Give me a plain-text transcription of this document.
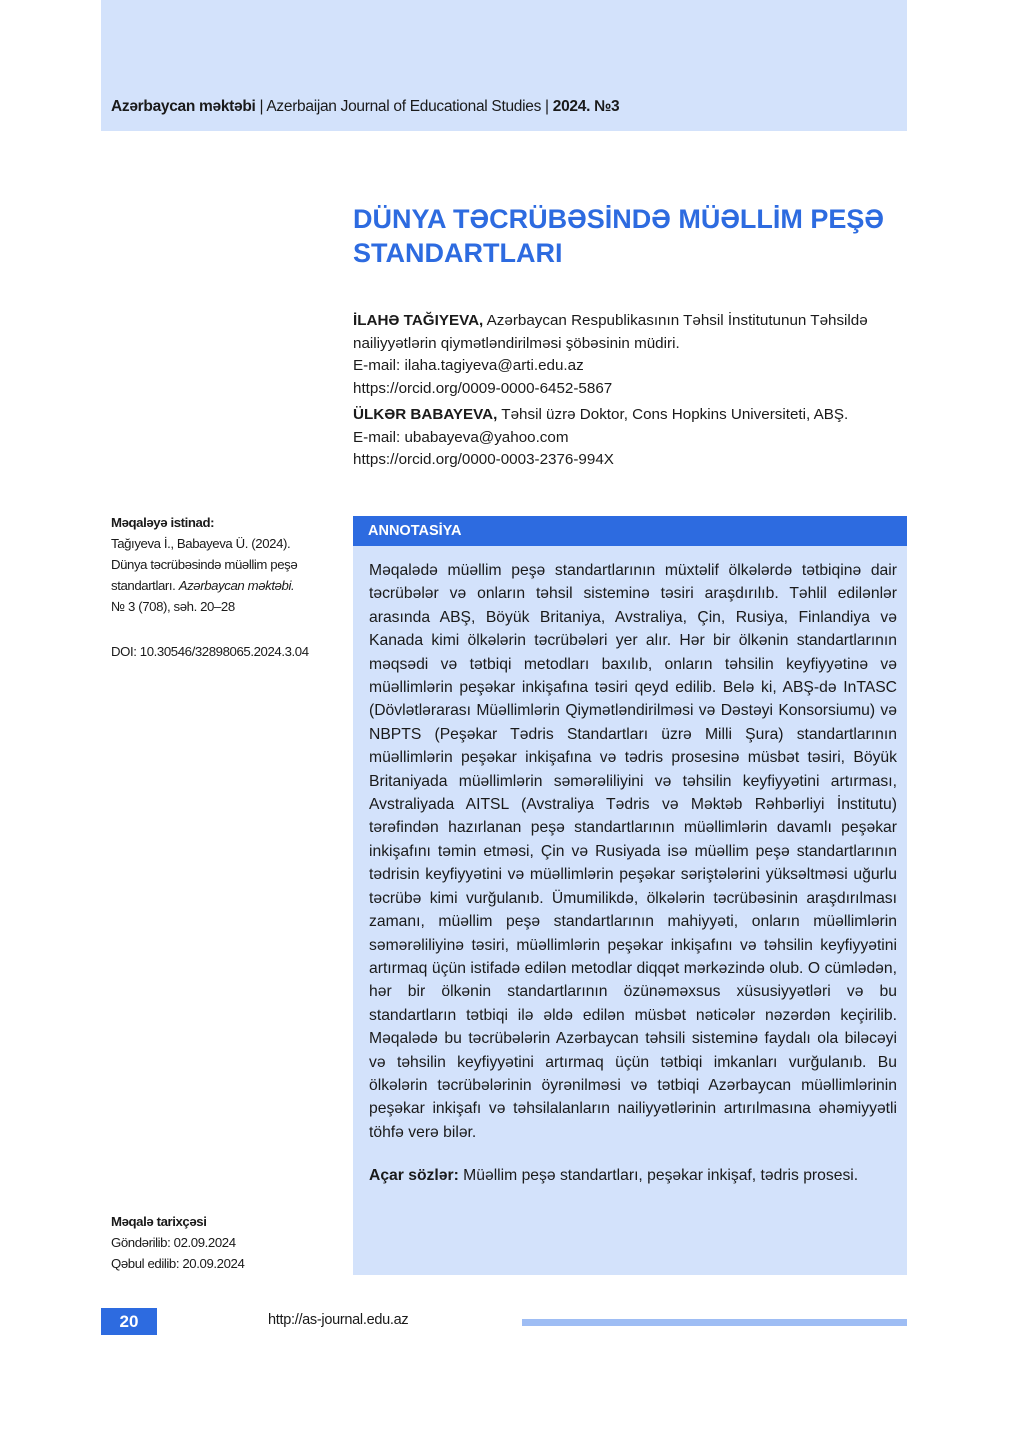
Azərbaycan məktəbi | Azerbaijan Journal of Educational Studies | 2024. №3
DÜNYA TƏCRÜBƏSİNDƏ MÜƏLLİM PEŞƏ
STANDARTLARI

İLAHƏ TAĞIYEVA, Azərbaycan Respublikasının Təhsil İnstitutunun Təhsildə nailiyyətlərin qiymətləndirilməsi şöbəsinin müdiri.

E-mail: ilaha.tagiyeva@arti.edu.az

https://orcid.org/0009-0000-6452-5867

ÜLKƏR BABAYEVA, Təhsil üzrə Doktor, Cons Hopkins Universiteti, ABŞ.

E-mail: ubabayeva@yahoo.com

https://orcid.org/0000-0003-2376-994X

Məqaləyə istinad:

Tağıyeva İ., Babayeva Ü. (2024).

Dünya təcrübəsində müəllim peşə

standartları. Azərbaycan məktəbi.

№ 3 (708), səh. 20–28

DOI: 10.30546/32898065.2024.3.04

Məqalə tarixçəsi

Göndərilib: 02.09.2024

Qəbul edilib: 20.09.2024

ANNOTASİYA

Məqalədə müəllim peşə standartlarının müxtəlif ölkələrdə tətbiqinə dair təcrübələr və onların təhsil sisteminə təsiri araşdırılıb. Təhlil edilənlər arasında ABŞ, Böyük Britaniya, Avstraliya, Çin, Rusiya, Finlandiya və Kanada kimi ölkələrin təcrübələri yer alır. Hər bir ölkənin standartlarının məqsədi və tətbiqi metodları baxılıb, onların təhsilin keyfiyyətinə və müəllimlərin peşəkar inkişafına təsiri qeyd edilib. Belə ki, ABŞ-də InTASC (Dövlətlərarası Müəllimlərin Qiymətləndirilməsi və Dəstəyi Konsorsiumu) və NBPTS (Peşəkar Tədris Standartları üzrə Milli Şura) standartlarının müəllimlərin peşəkar inkişafına və tədris prosesinə müsbət təsiri, Böyük Britaniyada müəllimlərin səmərəliliyini və təhsilin keyfiyyətini artırması, Avstraliyada AITSL (Avstraliya Tədris və Məktəb Rəhbərliyi İnstitutu) tərəfindən hazırlanan peşə standartlarının müəllimlərin davamlı peşəkar inkişafını təmin etməsi, Çin və Rusiyada isə müəllim peşə standartlarının tədrisin keyfiyyətini və müəllimlərin peşəkar səriştələrini yüksəltməsi uğurlu təcrübə kimi vurğulanıb. Ümumilikdə, ölkələrin təcrübəsinin araşdırılması zamanı, müəllim peşə standartlarının mahiyyəti, onların müəllimlərin səmərəliliyinə təsiri, müəllimlərin peşəkar inkişafını və təhsilin keyfiyyətini artırmaq üçün istifadə edilən metodlar diqqət mərkəzində olub. O cümlədən, hər bir ölkənin standartlarının özünəməxsus xüsusiyyətləri və bu standartların tətbiqi ilə əldə edilən müsbət nəticələr nəzərdən keçirilib. Məqalədə bu təcrübələrin Azərbaycan təhsili sisteminə faydalı ola biləcəyi və təhsilin keyfiyyətini artırmaq üçün tətbiqi imkanları vurğulanıb. Bu ölkələrin təcrübələrinin öyrənilməsi və tətbiqi Azərbaycan müəllimlərinin peşəkar inkişafı və təhsilalanların nailiyyətlərinin artırılmasına əhəmiyyətli töhfə verə bilər.

Açar sözlər: Müəllim peşə standartları, peşəkar inkişaf, tədris prosesi.

20	http://as-journal.edu.az
